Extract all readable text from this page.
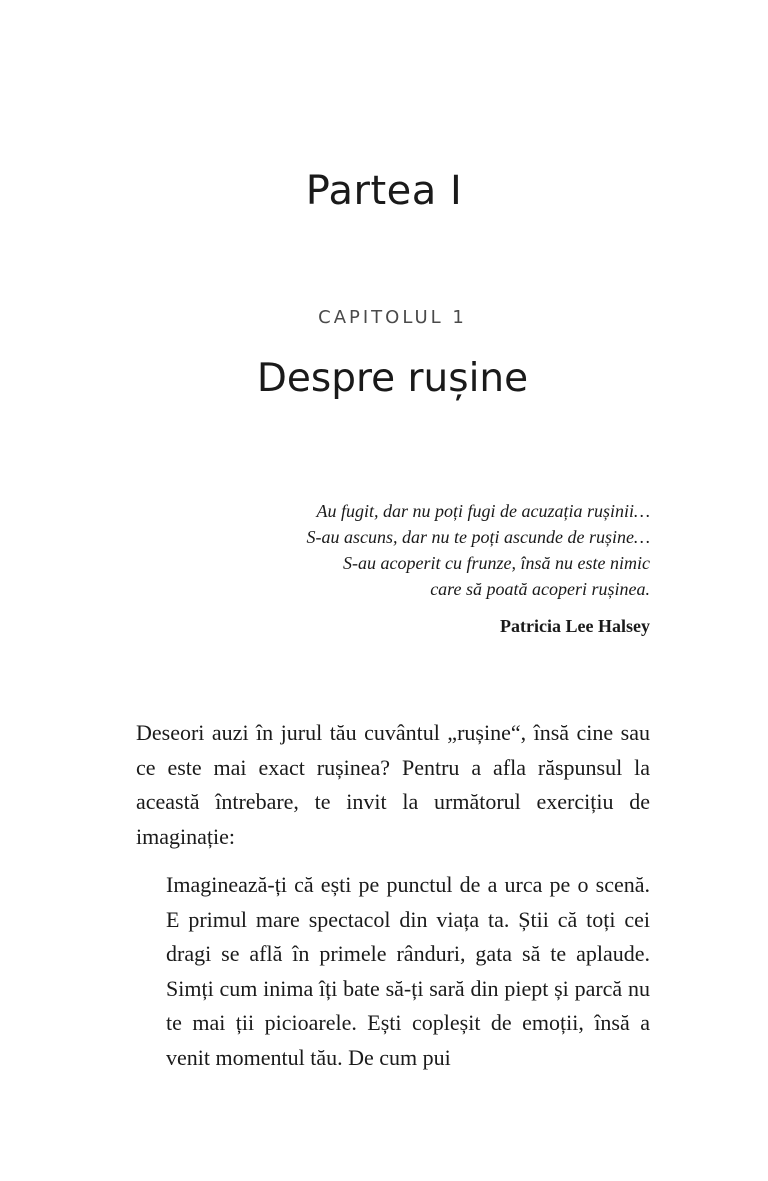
Partea I
CAPITOLUL 1
Despre rușine
Au fugit, dar nu poți fugi de acuzația rușinii…
S-au ascuns, dar nu te poți ascunde de rușine…
S-au acoperit cu frunze, însă nu este nimic
care să poată acoperi rușinea.
Patricia Lee Halsey

Deseori auzi în jurul tău cuvântul „rușine“, însă cine sau ce este mai exact rușinea? Pentru a afla răspunsul la această întrebare, te invit la următorul exercițiu de imaginație:

Imaginează-ți că ești pe punctul de a urca pe o scenă. E primul mare spectacol din viața ta. Știi că toți cei dragi se află în primele rânduri, gata să te aplaude. Simți cum inima îți bate să-ți sară din piept și parcă nu te mai ții picioarele. Ești copleșit de emoții, însă a venit momentul tău. De cum pui
